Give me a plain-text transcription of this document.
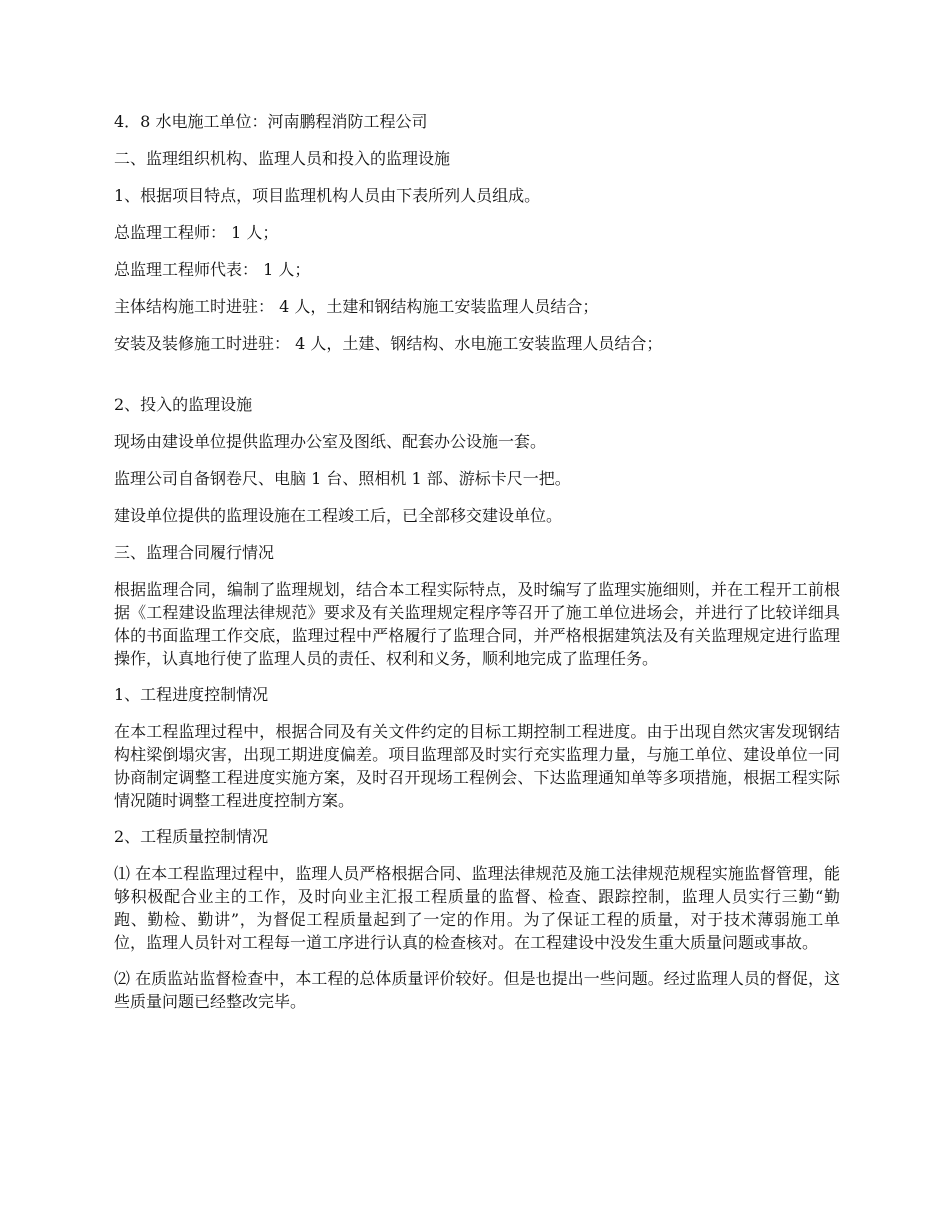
4．8 水电施工单位：河南鹏程消防工程公司

二、监理组织机构、监理人员和投入的监理设施

1、根据项目特点，项目监理机构人员由下表所列人员组成。

总监理工程师： 1 人；

总监理工程师代表： 1 人；

主体结构施工时进驻： 4 人，土建和钢结构施工安装监理人员结合；

安装及装修施工时进驻： 4 人，土建、钢结构、水电施工安装监理人员结合；

2、投入的监理设施

现场由建设单位提供监理办公室及图纸、配套办公设施一套。

监理公司自备钢卷尺、电脑 1 台、照相机 1 部、游标卡尺一把。

建设单位提供的监理设施在工程竣工后，已全部移交建设单位。

三、监理合同履行情况

根据监理合同，编制了监理规划，结合本工程实际特点，及时编写了监理实施细则，并在工程开工前根据《工程建设监理法律规范》要求及有关监理规定程序等召开了施工单位进场会，并进行了比较详细具体的书面监理工作交底，监理过程中严格履行了监理合同，并严格根据建筑法及有关监理规定进行监理操作，认真地行使了监理人员的责任、权利和义务，顺利地完成了监理任务。

1、工程进度控制情况

在本工程监理过程中，根据合同及有关文件约定的目标工期控制工程进度。由于出现自然灾害发现钢结构柱梁倒塌灾害，出现工期进度偏差。项目监理部及时实行充实监理力量，与施工单位、建设单位一同协商制定调整工程进度实施方案，及时召开现场工程例会、下达监理通知单等多项措施，根据工程实际情况随时调整工程进度控制方案。

2、工程质量控制情况

⑴ 在本工程监理过程中，监理人员严格根据合同、监理法律规范及施工法律规范规程实施监督管理，能够积极配合业主的工作，及时向业主汇报工程质量的监督、检查、跟踪控制，监理人员实行三勤“勤跑、勤检、勤讲”，为督促工程质量起到了一定的作用。为了保证工程的质量，对于技术薄弱施工单位，监理人员针对工程每一道工序进行认真的检查核对。在工程建设中没发生重大质量问题或事故。

⑵ 在质监站监督检查中，本工程的总体质量评价较好。但是也提出一些问题。经过监理人员的督促，这些质量问题已经整改完毕。
